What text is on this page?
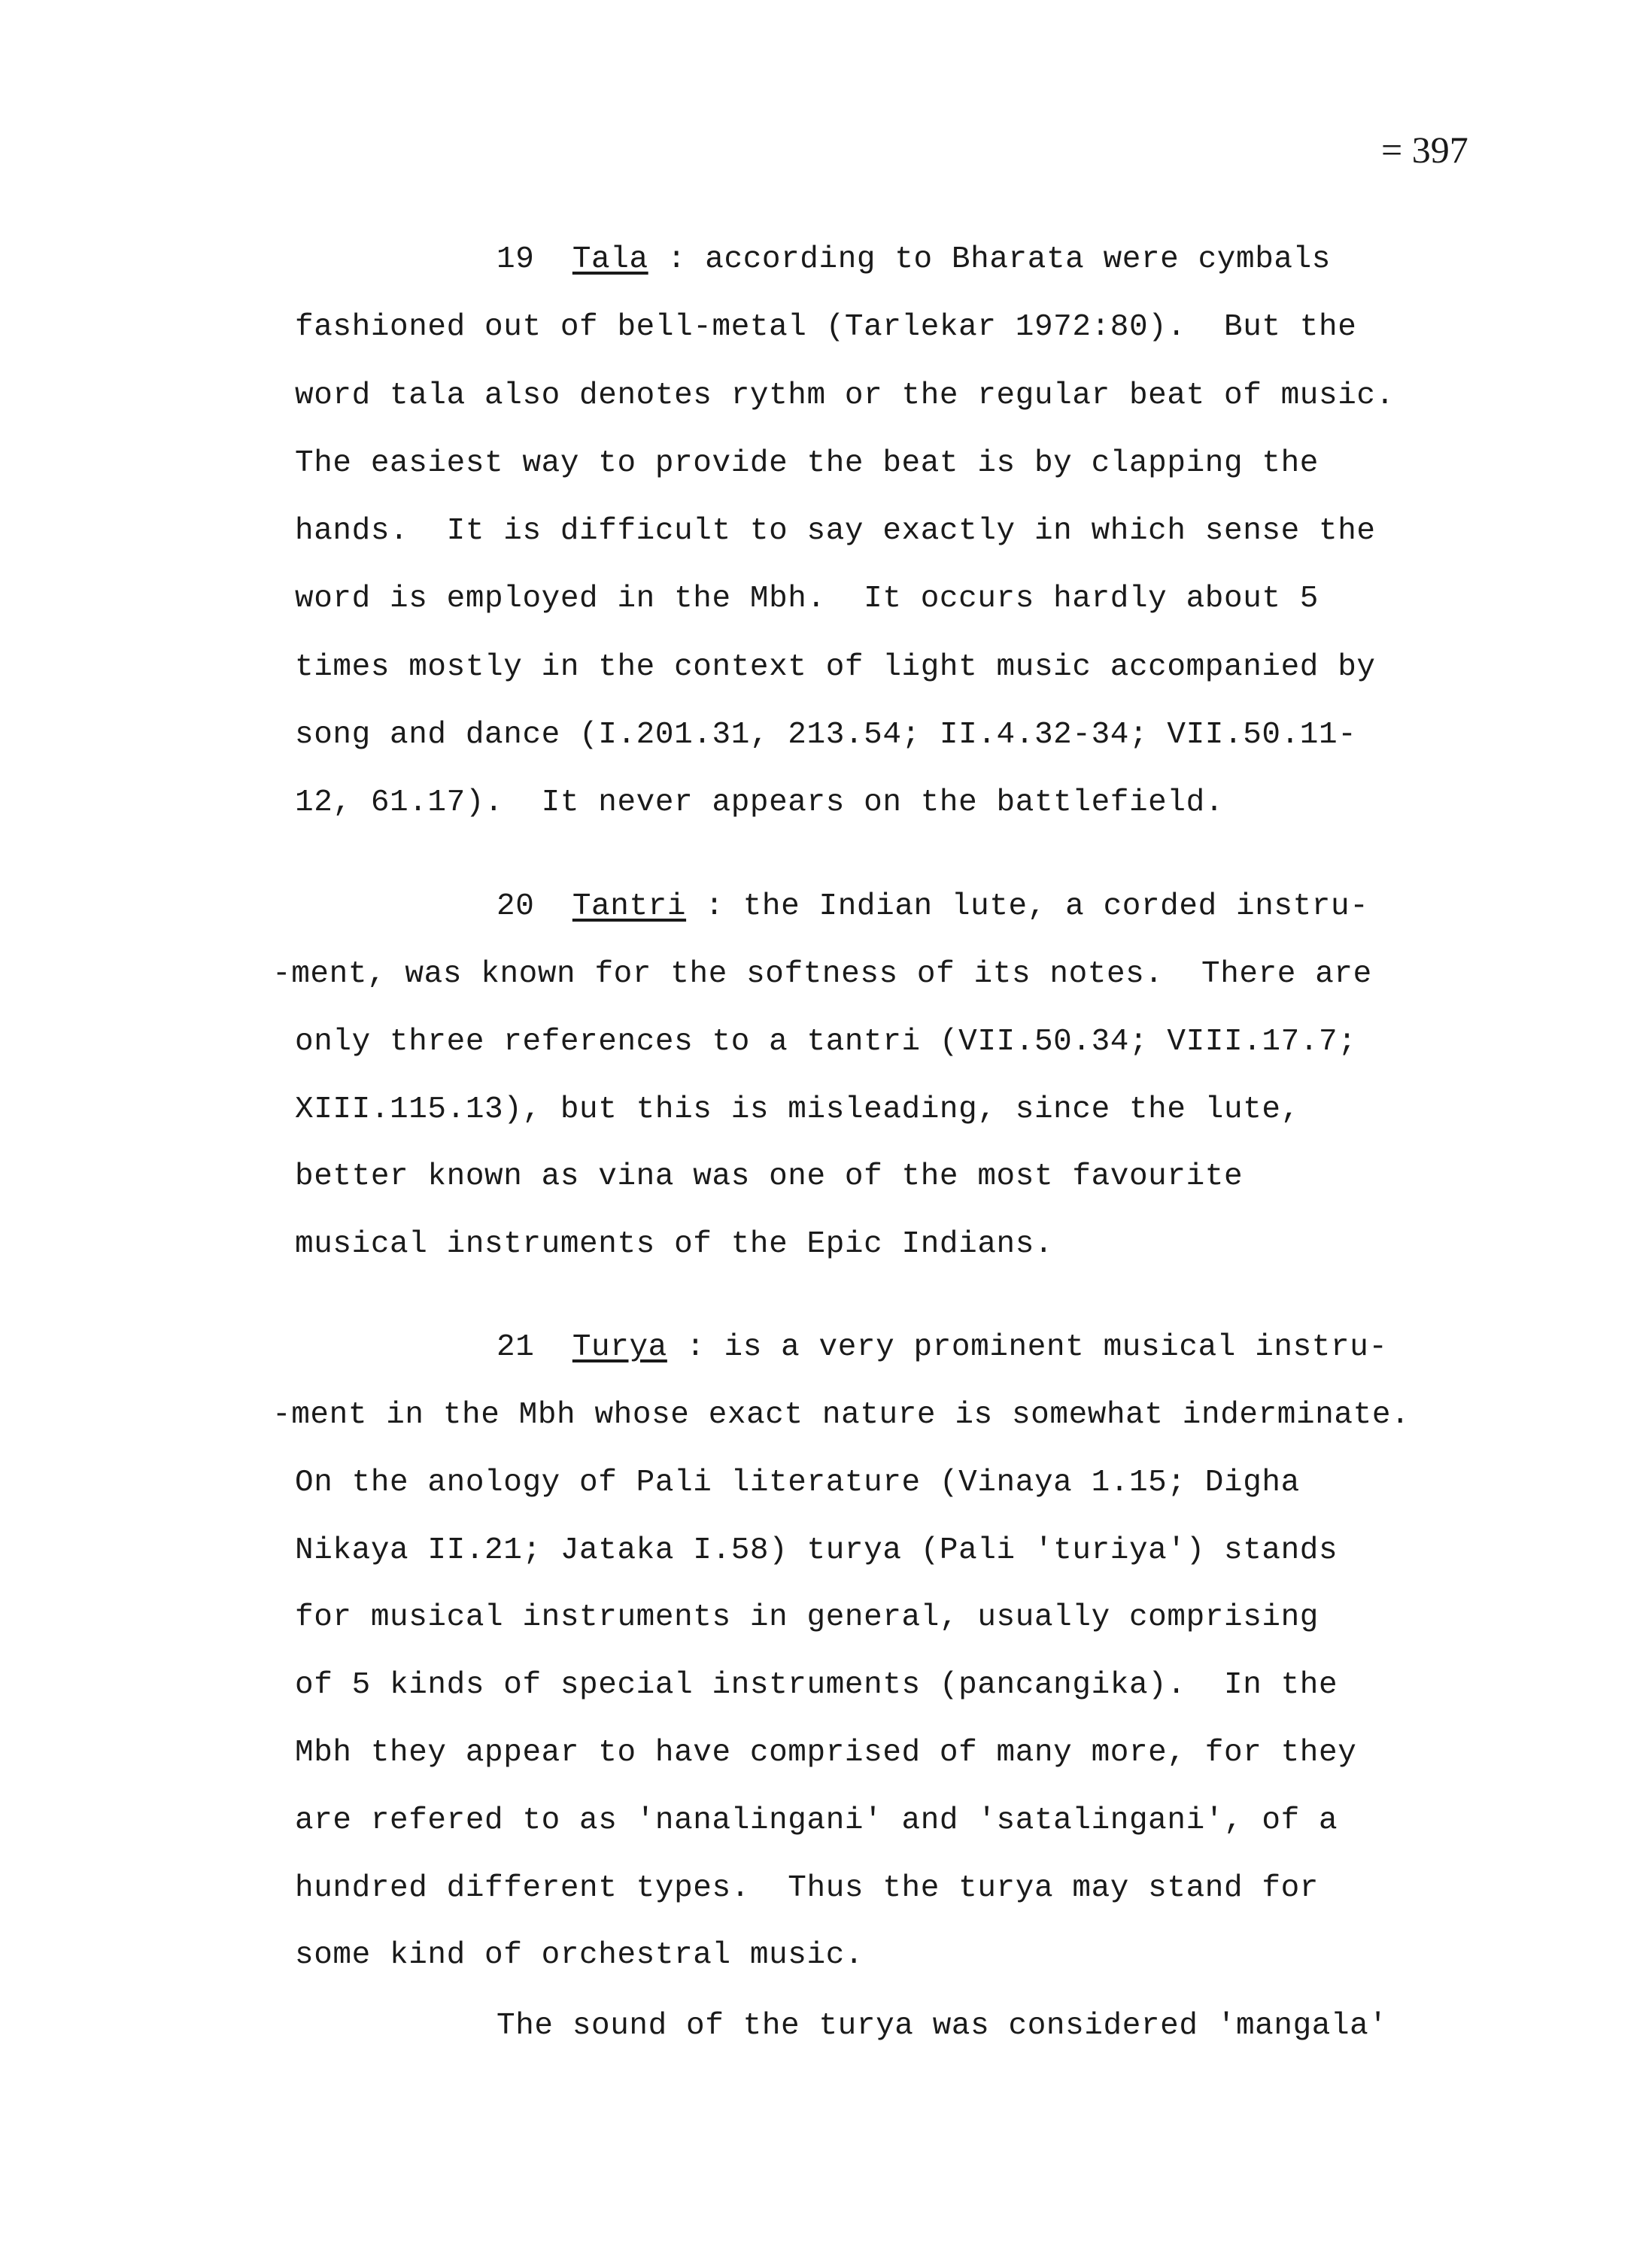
= 397
19 Tala : according to Bharata were cymbals
fashioned out of bell-metal (Tarlekar 1972:80).  But the
word tala also denotes rythm or the regular beat of music.
The easiest way to provide the beat is by clapping the
hands.  It is difficult to say exactly in which sense the
word is employed in the Mbh.  It occurs hardly about 5
times mostly in the context of light music accompanied by
song and dance (I.201.31, 213.54; II.4.32-34; VII.50.11-
12, 61.17).  It never appears on the battlefield.
20 Tantri : the Indian lute, a corded instru-
-ment, was known for the softness of its notes.  There are
only three references to a tantri (VII.50.34; VIII.17.7;
XIII.115.13), but this is misleading, since the lute,
better known as vina was one of the most favourite
musical instruments of the Epic Indians.
21 Turya : is a very prominent musical instru-
-ment in the Mbh whose exact nature is somewhat inderminate.
On the anology of Pali literature (Vinaya 1.15; Digha
Nikaya II.21; Jataka I.58) turya (Pali 'turiya') stands
for musical instruments in general, usually comprising
of 5 kinds of special instruments (pancangika).  In the
Mbh they appear to have comprised of many more, for they
are refered to as 'nanalingani' and 'satalingani', of a
hundred different types.  Thus the turya may stand for
some kind of orchestral music.
The sound of the turya was considered 'mangala'
